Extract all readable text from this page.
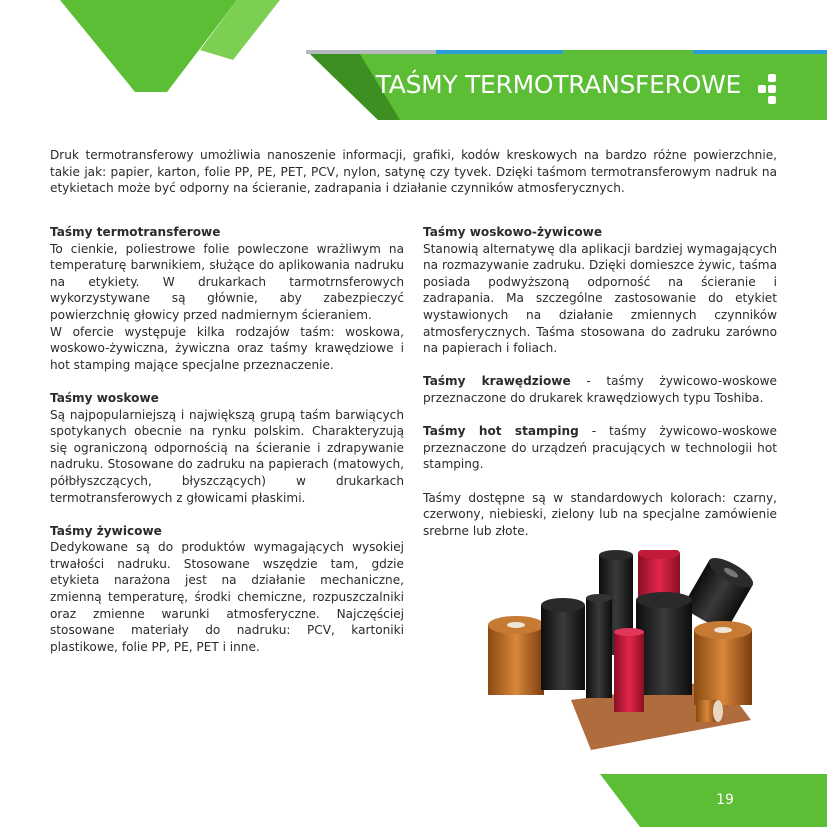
TAŚMY TERMOTRANSFEROWE

Druk termotransferowy umożliwia nanoszenie informacji, grafiki, kodów kreskowych na bardzo różne powierzchnie, takie jak: papier, karton, folie PP, PE, PET, PCV, nylon, satynę czy tyvek. Dzięki taśmom termotransferowym nadruk na etykietach może być odporny na ścieranie, zadrapania i działanie czynników atmosferycznych.

Taśmy termotransferowe
To cienkie, poliestrowe folie powleczone wrażliwym na temperaturę barwnikiem, służące do aplikowania nadruku na etykiety. W drukarkach tarmotrnsferowych wykorzystywane są głównie, aby zabezpieczyć powierzchnię głowicy przed nadmiernym ścieraniem.
W ofercie występuje kilka rodzajów taśm: woskowa, woskowo-żywiczna, żywiczna oraz taśmy krawędziowe i hot stamping mające specjalne przeznaczenie.

Taśmy woskowe
Są najpopularniejszą i największą grupą taśm barwiących spotykanych obecnie na rynku polskim. Charakteryzują się ograniczoną odpornością na ścieranie i zdrapywanie nadruku. Stosowane do zadruku na papierach (matowych, półbłyszczących, błyszczących) w drukarkach termotransferowych z głowicami płaskimi.

Taśmy żywicowe
Dedykowane są do produktów wymagających wysokiej trwałości nadruku. Stosowane wszędzie tam, gdzie etykieta narażona jest na działanie mechaniczne, zmienną temperaturę, środki chemiczne, rozpuszczalniki oraz zmienne warunki atmosferyczne. Najczęściej stosowane materiały do nadruku: PCV, kartoniki plastikowe, folie PP, PE, PET i inne.

Taśmy woskowo-żywicowe
Stanowią alternatywę dla aplikacji bardziej wymagających na rozmazywanie zadruku. Dzięki domieszce żywic, taśma posiada podwyższoną odporność na ścieranie i zadrapania. Ma szczególne zastosowanie do etykiet wystawionych na działanie zmiennych czynników atmosferycznych. Taśma stosowana do zadruku zarówno na papierach i foliach.

Taśmy krawędziowe - taśmy żywicowo-woskowe przeznaczone do drukarek krawędziowych typu Toshiba.

Taśmy hot stamping - taśmy żywicowo-woskowe przeznaczone do urządzeń pracujących w technologii hot stamping.

Taśmy dostępne są w standardowych kolorach: czarny, czerwony, niebieski, zielony lub na specjalne zamówienie srebrne lub złote.

19
